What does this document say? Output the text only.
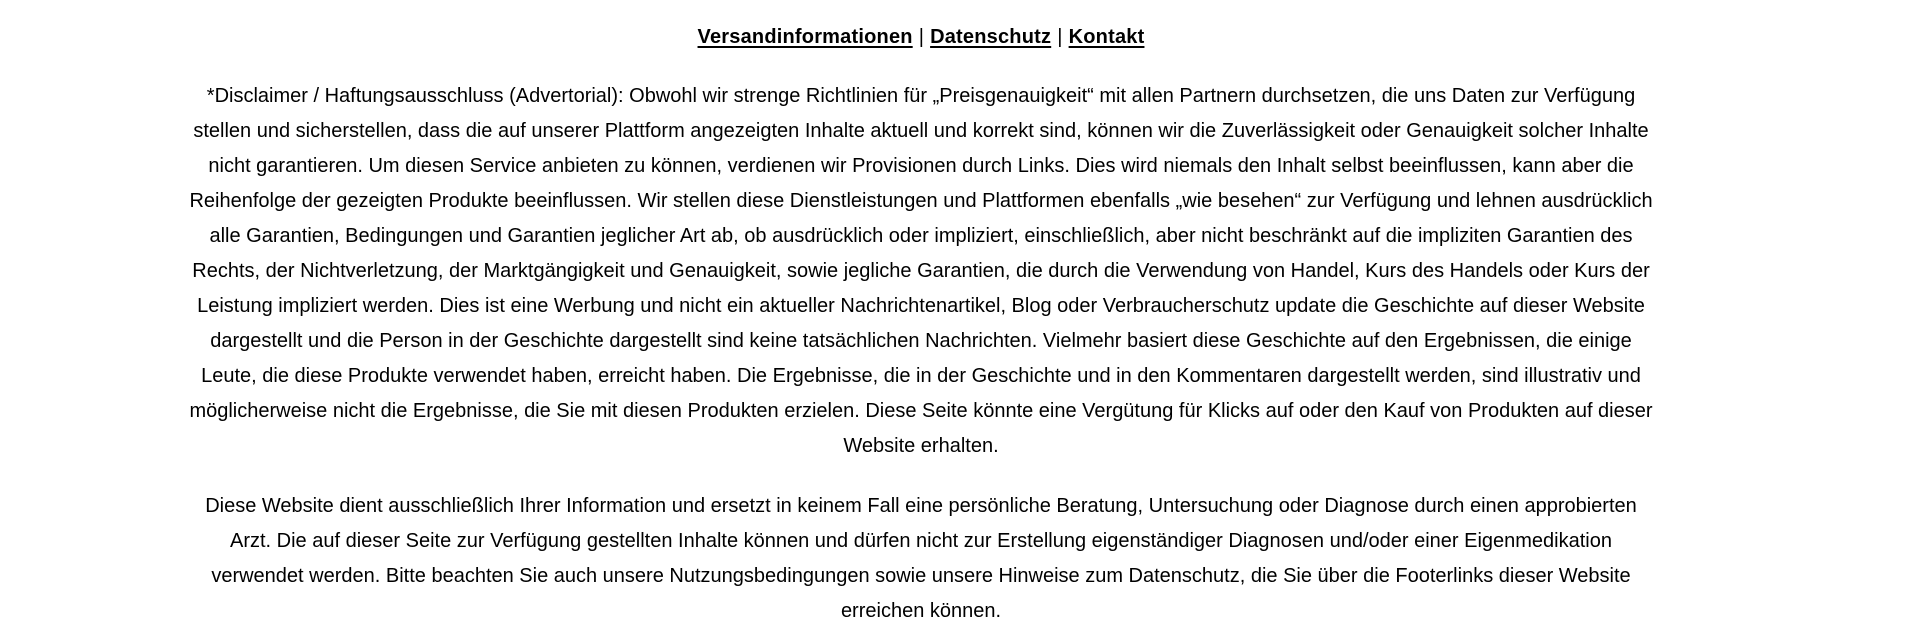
Versandinformationen | Datenschutz | Kontakt

*Disclaimer / Haftungsausschluss (Advertorial): Obwohl wir strenge Richtlinien für „Preisgenauigkeit“ mit allen Partnern durchsetzen, die uns Daten zur Verfügung stellen und sicherstellen, dass die auf unserer Plattform angezeigten Inhalte aktuell und korrekt sind, können wir die Zuverlässigkeit oder Genauigkeit solcher Inhalte nicht garantieren. Um diesen Service anbieten zu können, verdienen wir Provisionen durch Links. Dies wird niemals den Inhalt selbst beeinflussen, kann aber die Reihenfolge der gezeigten Produkte beeinflussen. Wir stellen diese Dienstleistungen und Plattformen ebenfalls „wie besehen“ zur Verfügung und lehnen ausdrücklich alle Garantien, Bedingungen und Garantien jeglicher Art ab, ob ausdrücklich oder impliziert, einschließlich, aber nicht beschränkt auf die impliziten Garantien des Rechts, der Nichtverletzung, der Marktgängigkeit und Genauigkeit, sowie jegliche Garantien, die durch die Verwendung von Handel, Kurs des Handels oder Kurs der Leistung impliziert werden. Dies ist eine Werbung und nicht ein aktueller Nachrichtenartikel, Blog oder Verbraucherschutz update die Geschichte auf dieser Website dargestellt und die Person in der Geschichte dargestellt sind keine tatsächlichen Nachrichten. Vielmehr basiert diese Geschichte auf den Ergebnissen, die einige Leute, die diese Produkte verwendet haben, erreicht haben. Die Ergebnisse, die in der Geschichte und in den Kommentaren dargestellt werden, sind illustrativ und möglicherweise nicht die Ergebnisse, die Sie mit diesen Produkten erzielen. Diese Seite könnte eine Vergütung für Klicks auf oder den Kauf von Produkten auf dieser Website erhalten.

Diese Website dient ausschließlich Ihrer Information und ersetzt in keinem Fall eine persönliche Beratung, Untersuchung oder Diagnose durch einen approbierten Arzt. Die auf dieser Seite zur Verfügung gestellten Inhalte können und dürfen nicht zur Erstellung eigenständiger Diagnosen und/oder einer Eigenmedikation verwendet werden. Bitte beachten Sie auch unsere Nutzungsbedingungen sowie unsere Hinweise zum Datenschutz, die Sie über die Footerlinks dieser Website erreichen können.
